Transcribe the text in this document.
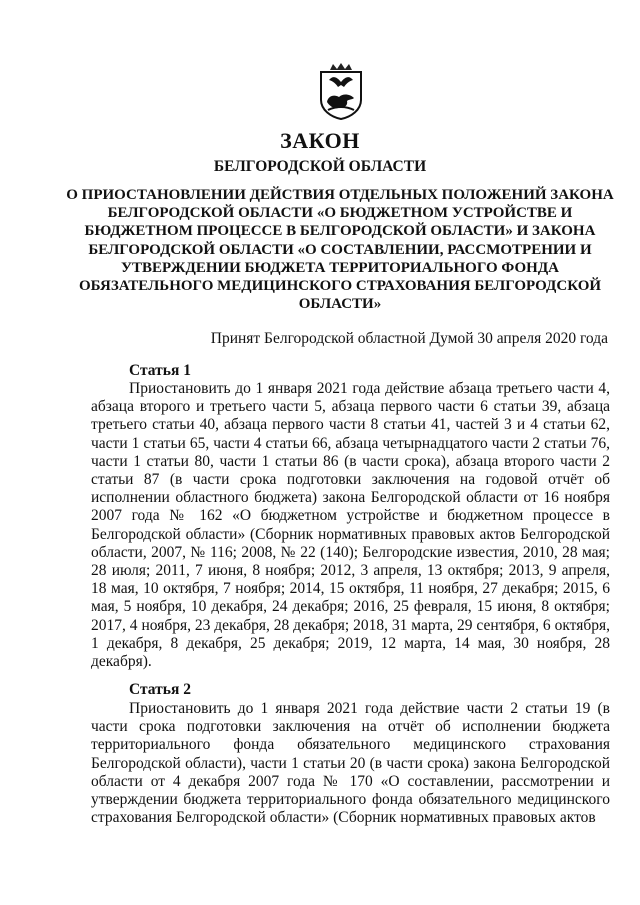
ЗАКОН
БЕЛГОРОДСКОЙ ОБЛАСТИ
О ПРИОСТАНОВЛЕНИИ ДЕЙСТВИЯ ОТДЕЛЬНЫХ ПОЛОЖЕНИЙ ЗАКОНА БЕЛГОРОДСКОЙ ОБЛАСТИ «О БЮДЖЕТНОМ УСТРОЙСТВЕ И БЮДЖЕТНОМ ПРОЦЕССЕ В БЕЛГОРОДСКОЙ ОБЛАСТИ» И ЗАКОНА БЕЛГОРОДСКОЙ ОБЛАСТИ «О СОСТАВЛЕНИИ, РАССМОТРЕНИИ И УТВЕРЖДЕНИИ БЮДЖЕТА ТЕРРИТОРИАЛЬНОГО ФОНДА ОБЯЗАТЕЛЬНОГО МЕДИЦИНСКОГО СТРАХОВАНИЯ БЕЛГОРОДСКОЙ ОБЛАСТИ»
Принят Белгородской областной Думой 30 апреля 2020 года
Статья 1

Приостановить до 1 января 2021 года действие абзаца третьего части 4, абзаца второго и третьего части 5, абзаца первого части 6 статьи 39, абзаца третьего статьи 40, абзаца первого части 8 статьи 41, частей 3 и 4 статьи 62, части 1 статьи 65, части 4 статьи 66, абзаца четырнадцатого части 2 статьи 76, части 1 статьи 80, части 1 статьи 86 (в части срока), абзаца второго части 2 статьи 87 (в части срока подготовки заключения на годовой отчёт об исполнении областного бюджета) закона Белгородской области от 16 ноября 2007 года № 162 «О бюджетном устройстве и бюджетном процессе в Белгородской области» (Сборник нормативных правовых актов Белгородской области, 2007, № 116; 2008, № 22 (140); Белгородские известия, 2010, 28 мая; 28 июля; 2011, 7 июня, 8 ноября; 2012, 3 апреля, 13 октября; 2013, 9 апреля, 18 мая, 10 октября, 7 ноября; 2014, 15 октября, 11 ноября, 27 декабря; 2015, 6 мая, 5 ноября, 10 декабря, 24 декабря; 2016, 25 февраля, 15 июня, 8 октября; 2017, 4 ноября, 23 декабря, 28 декабря; 2018, 31 марта, 29 сентября, 6 октября, 1 декабря, 8 декабря, 25 декабря; 2019, 12 марта, 14 мая, 30 ноября, 28 декабря).

Статья 2

Приостановить до 1 января 2021 года действие части 2 статьи 19 (в части срока подготовки заключения на отчёт об исполнении бюджета территориального фонда обязательного медицинского страхования Белгородской области), части 1 статьи 20 (в части срока) закона Белгородской области от 4 декабря 2007 года № 170 «О составлении, рассмотрении и утверждении бюджета территориального фонда обязательного медицинского страхования Белгородской области» (Сборник нормативных правовых актов
